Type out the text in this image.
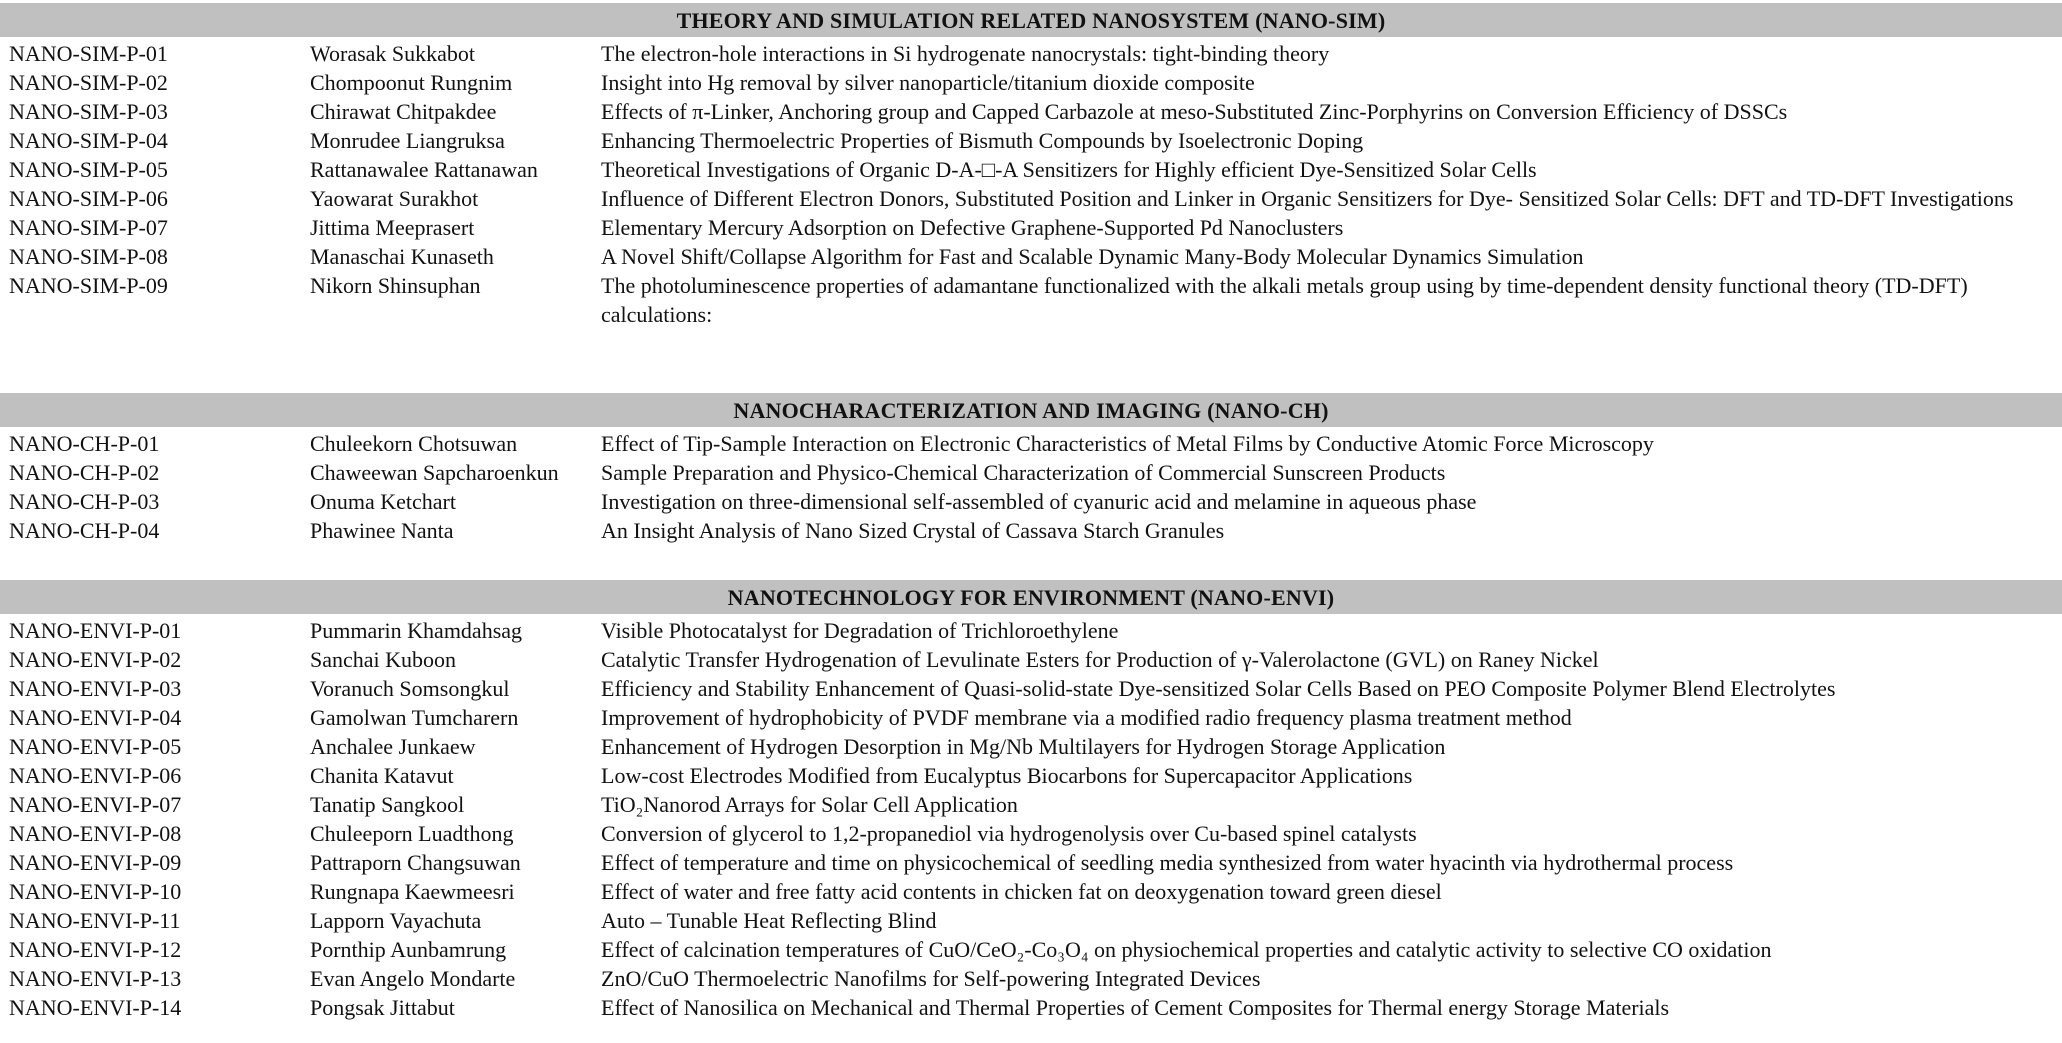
THEORY AND SIMULATION RELATED NANOSYSTEM (NANO-SIM)
NANO-SIM-P-01	Worasak Sukkabot	The electron-hole interactions in Si hydrogenate nanocrystals: tight-binding theory
NANO-SIM-P-02	Chompoonut Rungnim	Insight into Hg removal by silver nanoparticle/titanium dioxide composite
NANO-SIM-P-03	Chirawat Chitpakdee	Effects of π-Linker, Anchoring group and Capped Carbazole at meso-Substituted Zinc-Porphyrins on Conversion Efficiency of DSSCs
NANO-SIM-P-04	Monrudee Liangruksa	Enhancing Thermoelectric Properties of Bismuth Compounds by Isoelectronic Doping
NANO-SIM-P-05	Rattanawalee Rattanawan	Theoretical Investigations of Organic D-A-□-A Sensitizers for Highly efficient Dye-Sensitized Solar Cells
NANO-SIM-P-06	Yaowarat Surakhot	Influence of Different Electron Donors, Substituted Position and Linker in Organic Sensitizers for Dye- Sensitized Solar Cells: DFT and TD-DFT Investigations
NANO-SIM-P-07	Jittima Meeprasert	Elementary Mercury Adsorption on Defective Graphene-Supported Pd Nanoclusters
NANO-SIM-P-08	Manaschai Kunaseth	A Novel Shift/Collapse Algorithm for Fast and Scalable Dynamic Many-Body Molecular Dynamics Simulation
NANO-SIM-P-09	Nikorn Shinsuphan	The photoluminescence properties of adamantane functionalized with the alkali metals group using by time-dependent density functional theory (TD-DFT) calculations:
NANOCHARACTERIZATION AND IMAGING (NANO-CH)
NANO-CH-P-01	Chuleekorn Chotsuwan	Effect of Tip-Sample Interaction on Electronic Characteristics of Metal Films by Conductive Atomic Force Microscopy
NANO-CH-P-02	Chaweewan Sapcharoenkun	Sample Preparation and Physico-Chemical Characterization of Commercial Sunscreen Products
NANO-CH-P-03	Onuma Ketchart	Investigation on three-dimensional self-assembled of cyanuric acid and melamine in aqueous phase
NANO-CH-P-04	Phawinee Nanta	An Insight Analysis of Nano Sized Crystal of Cassava Starch Granules
NANOTECHNOLOGY FOR ENVIRONMENT (NANO-ENVI)
NANO-ENVI-P-01	Pummarin Khamdahsag	Visible Photocatalyst for Degradation of Trichloroethylene
NANO-ENVI-P-02	Sanchai Kuboon	Catalytic Transfer Hydrogenation of Levulinate Esters for Production of γ-Valerolactone (GVL) on Raney Nickel
NANO-ENVI-P-03	Voranuch Somsongkul	Efficiency and Stability Enhancement of Quasi-solid-state Dye-sensitized Solar Cells Based on PEO Composite Polymer Blend Electrolytes
NANO-ENVI-P-04	Gamolwan Tumcharern	Improvement of hydrophobicity of PVDF membrane via a modified radio frequency plasma treatment method
NANO-ENVI-P-05	Anchalee Junkaew	Enhancement of Hydrogen Desorption in Mg/Nb Multilayers for Hydrogen Storage Application
NANO-ENVI-P-06	Chanita Katavut	Low-cost Electrodes Modified from Eucalyptus Biocarbons for Supercapacitor Applications
NANO-ENVI-P-07	Tanatip Sangkool	TiO₂Nanorod Arrays for Solar Cell Application
NANO-ENVI-P-08	Chuleeporn Luadthong	Conversion of glycerol to 1,2-propanediol via hydrogenolysis over Cu-based spinel catalysts
NANO-ENVI-P-09	Pattraporn Changsuwan	Effect of temperature and time on physicochemical of seedling media synthesized from water hyacinth via hydrothermal process
NANO-ENVI-P-10	Rungnapa Kaewmeesri	Effect of water and free fatty acid contents in chicken fat on deoxygenation toward green diesel
NANO-ENVI-P-11	Lapporn Vayachuta	Auto – Tunable Heat Reflecting Blind
NANO-ENVI-P-12	Pornthip Aunbamrung	Effect of calcination temperatures of CuO/CeO₂-Co₃O₄ on physiochemical properties and catalytic activity to selective CO oxidation
NANO-ENVI-P-13	Evan Angelo Mondarte	ZnO/CuO Thermoelectric Nanofilms for Self-powering Integrated Devices
NANO-ENVI-P-14	Pongsak Jittabut	Effect of Nanosilica on Mechanical and Thermal Properties of Cement Composites for Thermal energy Storage Materials
